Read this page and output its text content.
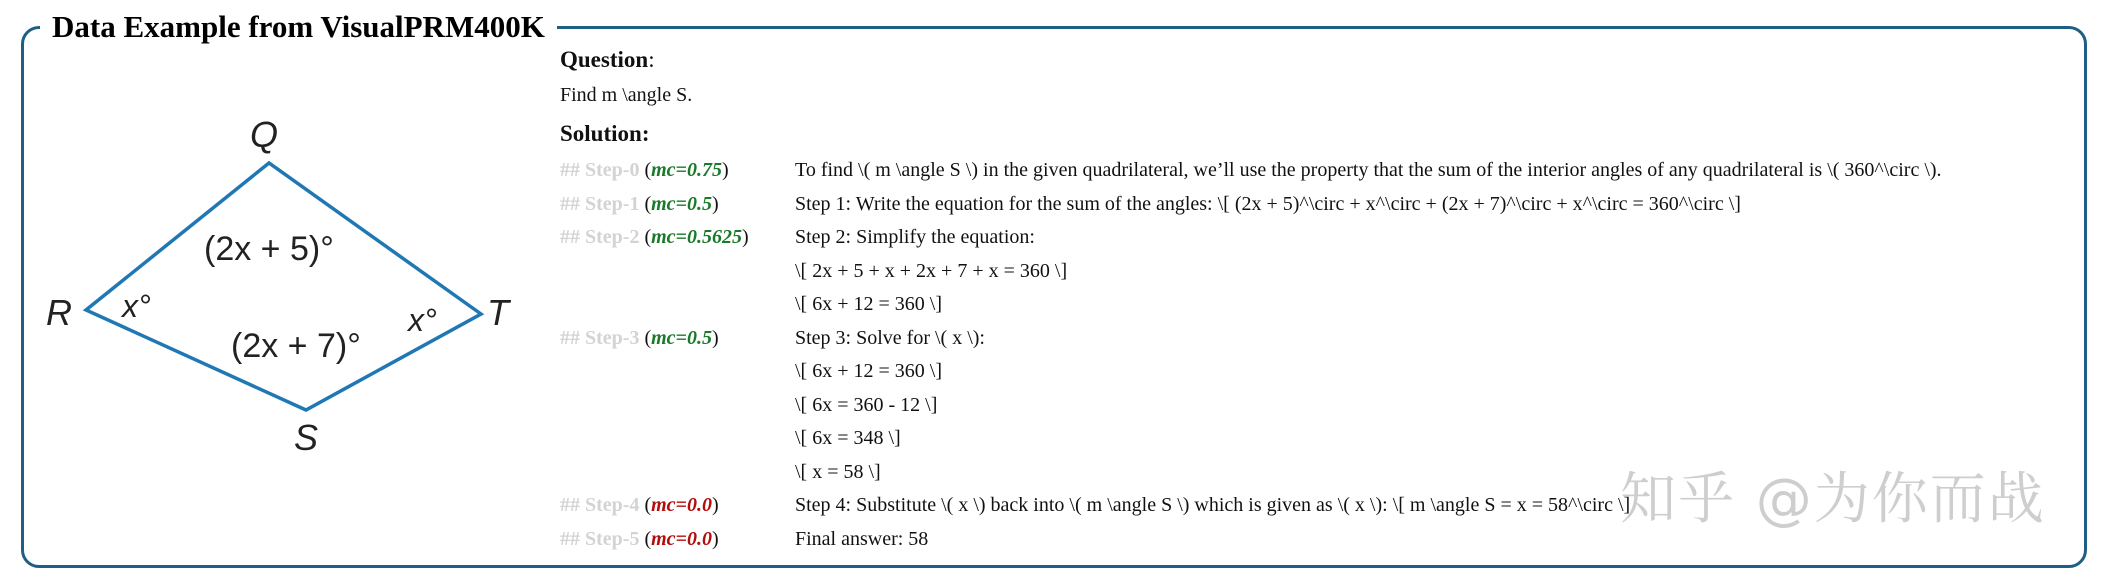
Data Example from VisualPRM400K
Q
R
S
T
(2x + 5)°
(2x + 7)°
x°	x°
Question:
Find m \angle S.
Solution:
## Step-0 (mc=0.75)	To find \( m \angle S \) in the given quadrilateral, we’ll use the property that the sum of the interior angles of any quadrilateral is \( 360^\circ \).
## Step-1 (mc=0.5)	Step 1: Write the equation for the sum of the angles: \[ (2x + 5)^\circ + x^\circ + (2x + 7)^\circ + x^\circ = 360^\circ \]
## Step-2 (mc=0.5625)	Step 2: Simplify the equation:
\[ 2x + 5 + x + 2x + 7 + x = 360 \]
\[ 6x + 12 = 360 \]
## Step-3 (mc=0.5)	Step 3: Solve for \( x \):
\[ 6x + 12 = 360 \]
\[ 6x = 360 - 12 \]
\[ 6x = 348 \]
\[ x = 58 \]
## Step-4 (mc=0.0)	Step 4: Substitute \( x \) back into \( m \angle S \) which is given as \( x \): \[ m \angle S = x = 58^\circ \]
## Step-5 (mc=0.0)	Final answer: 58
知乎 @为你而战
